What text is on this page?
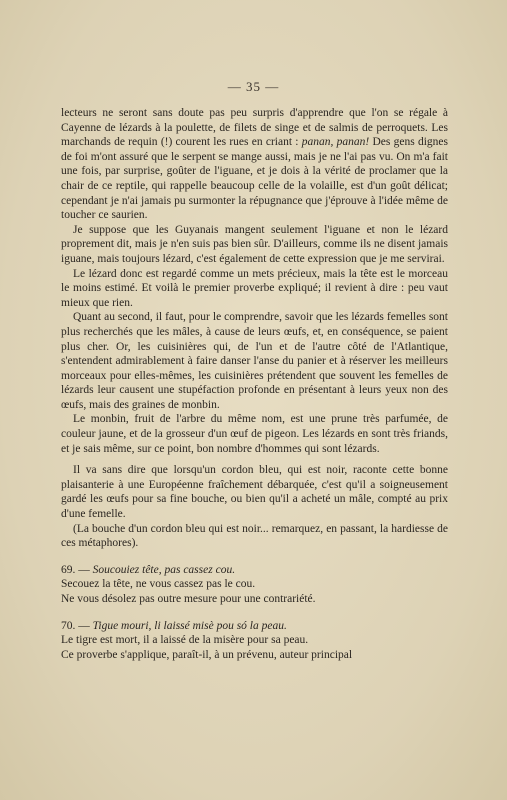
— 35 —

lecteurs ne seront sans doute pas peu surpris d'apprendre que l'on se régale à Cayenne de lézards à la poulette, de filets de singe et de salmis de perroquets. Les marchands de requin (!) courent les rues en criant : panan, panan! Des gens dignes de foi m'ont assuré que le serpent se mange aussi, mais je ne l'ai pas vu. On m'a fait une fois, par surprise, goûter de l'iguane, et je dois à la vérité de proclamer que la chair de ce reptile, qui rappelle beaucoup celle de la volaille, est d'un goût délicat; cependant je n'ai jamais pu surmonter la répugnance que j'éprouve à l'idée même de toucher ce saurien.

Je suppose que les Guyanais mangent seulement l'iguane et non le lézard proprement dit, mais je n'en suis pas bien sûr. D'ailleurs, comme ils ne disent jamais iguane, mais toujours lézard, c'est également de cette expression que je me servirai.

Le lézard donc est regardé comme un mets précieux, mais la tête est le morceau le moins estimé. Et voilà le premier proverbe expliqué; il revient à dire : peu vaut mieux que rien.

Quant au second, il faut, pour le comprendre, savoir que les lézards femelles sont plus recherchés que les mâles, à cause de leurs œufs, et, en conséquence, se paient plus cher. Or, les cuisinières qui, de l'un et de l'autre côté de l'Atlantique, s'entendent admirablement à faire danser l'anse du panier et à réserver les meilleurs morceaux pour elles-mêmes, les cuisinières prétendent que souvent les femelles de lézards leur causent une stupéfaction profonde en présentant à leurs yeux non des œufs, mais des graines de monbin.

Le monbin, fruit de l'arbre du même nom, est une prune très parfumée, de couleur jaune, et de la grosseur d'un œuf de pigeon. Les lézards en sont très friands, et je sais même, sur ce point, bon nombre d'hommes qui sont lézards.

Il va sans dire que lorsqu'un cordon bleu, qui est noir, raconte cette bonne plaisanterie à une Européenne fraîchement débarquée, c'est qu'il a soigneusement gardé les œufs pour sa fine bouche, ou bien qu'il a acheté un mâle, compté au prix d'une femelle.

(La bouche d'un cordon bleu qui est noir... remarquez, en passant, la hardiesse de ces métaphores).

69. — Soucouiez tête, pas cassez cou.

Secouez la tête, ne vous cassez pas le cou.

Ne vous désolez pas outre mesure pour une contrariété.

70. — Tigue mouri, li laissé misè pou só la peau.

Le tigre est mort, il a laissé de la misère pour sa peau.

Ce proverbe s'applique, paraît-il, à un prévenu, auteur principal
